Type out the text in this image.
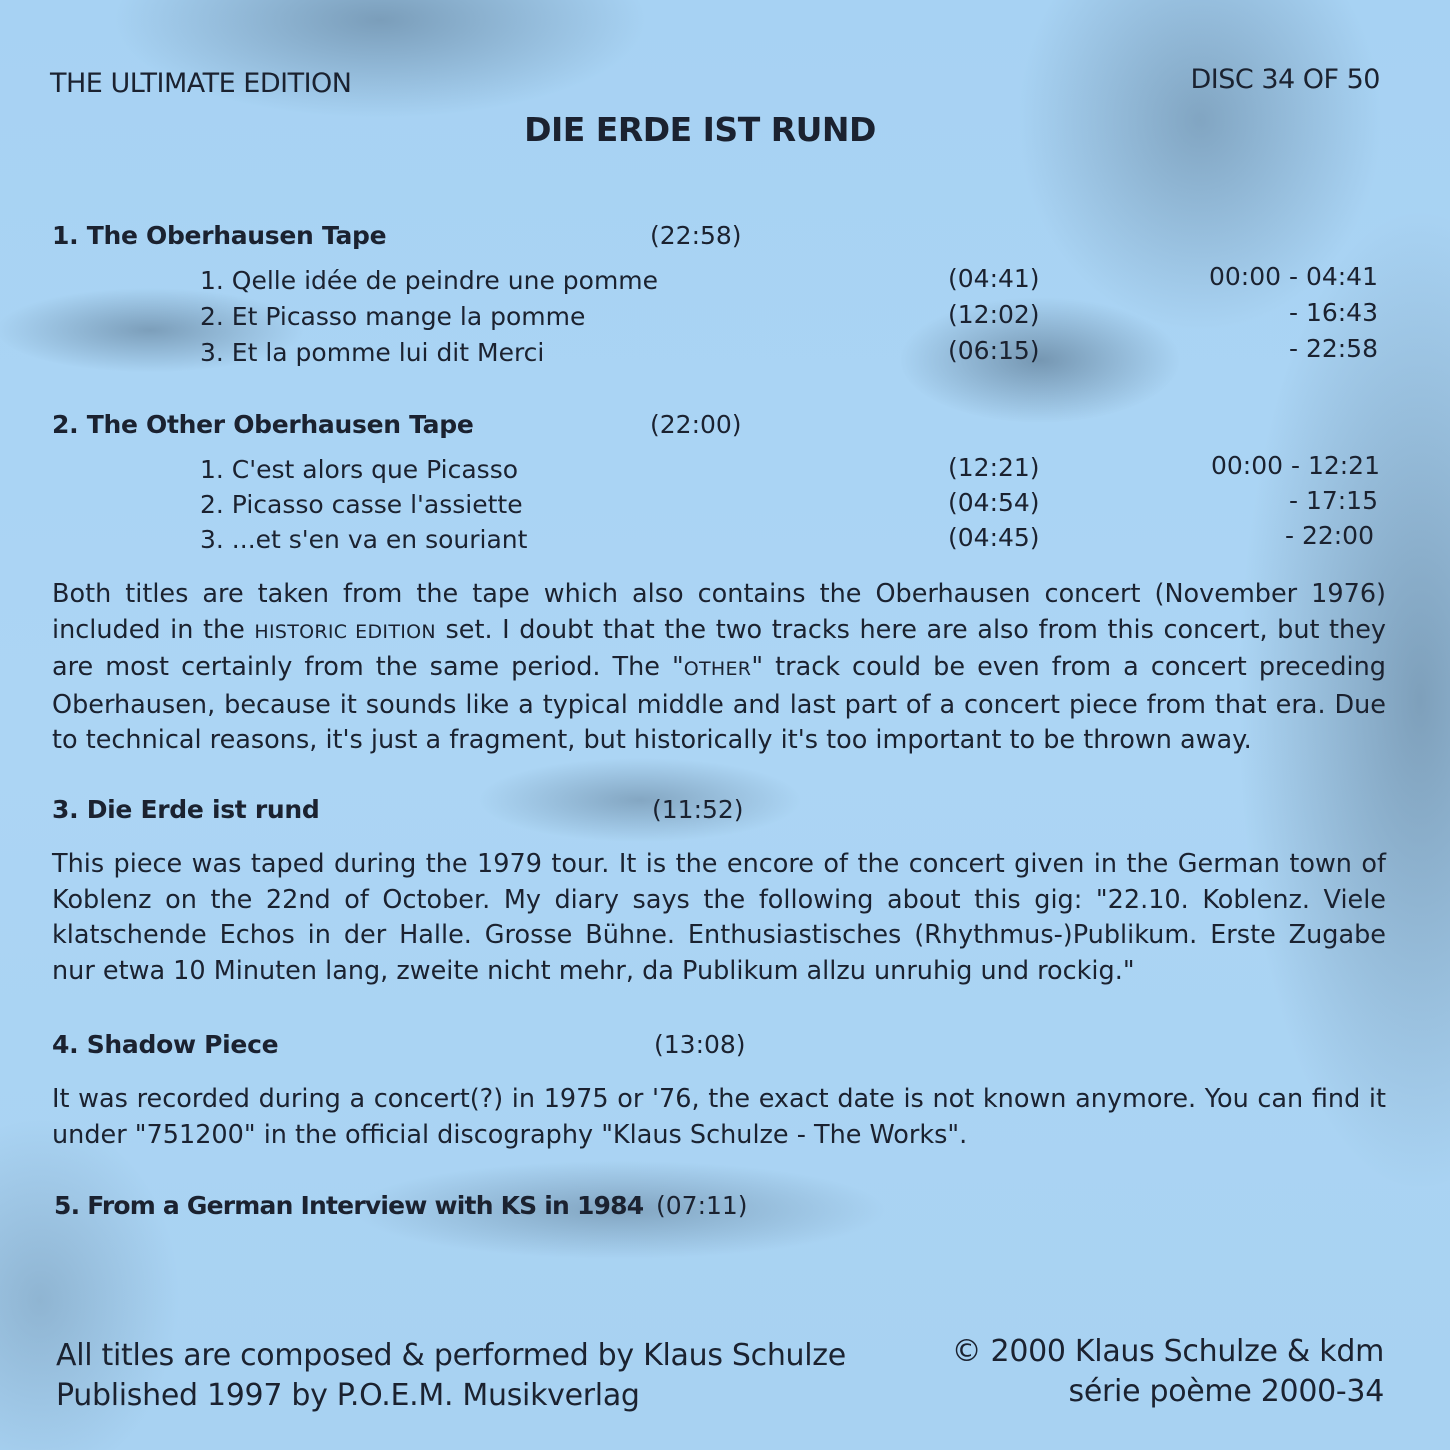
THE ULTIMATE EDITION	DISC 34 OF 50
DIE ERDE IST RUND
1. The Oberhausen Tape	(22:58)
1. Qelle idée de peindre une pomme	(04:41)	00:00 - 04:41
2. Et Picasso mange la pomme	(12:02)	- 16:43
3. Et la pomme lui dit Merci	(06:15)	- 22:58
2. The Other Oberhausen Tape	(22:00)
1. C'est alors que Picasso	(12:21)	00:00 - 12:21
2. Picasso casse l'assiette	(04:54)	- 17:15
3. ...et s'en va en souriant	(04:45)	- 22:00
Both titles are taken from the tape which also contains the Oberhausen concert (November 1976) included in the HISTORIC EDITION set. I doubt that the two tracks here are also from this concert, but they are most certainly from the same period. The "OTHER" track could be even from a concert preceding Oberhausen, because it sounds like a typical middle and last part of a concert piece from that era. Due to technical reasons, it's just a fragment, but historically it's too important to be thrown away.
3. Die Erde ist rund	(11:52)
This piece was taped during the 1979 tour. It is the encore of the concert given in the German town of Koblenz on the 22nd of October. My diary says the following about this gig: "22.10. Koblenz. Viele klatschende Echos in der Halle. Grosse Bühne. Enthusiastisches (Rhythmus-)Publikum. Erste Zugabe nur etwa 10 Minuten lang, zweite nicht mehr, da Publikum allzu unruhig und rockig."
4. Shadow Piece	(13:08)
It was recorded during a concert(?) in 1975 or '76, the exact date is not known anymore. You can find it under "751200" in the official discography "Klaus Schulze - The Works".
5. From a German Interview with KS in 1984 (07:11)
All titles are composed & performed by Klaus Schulze
Published 1997 by P.O.E.M. Musikverlag
© 2000 Klaus Schulze & kdm
série poème 2000-34
